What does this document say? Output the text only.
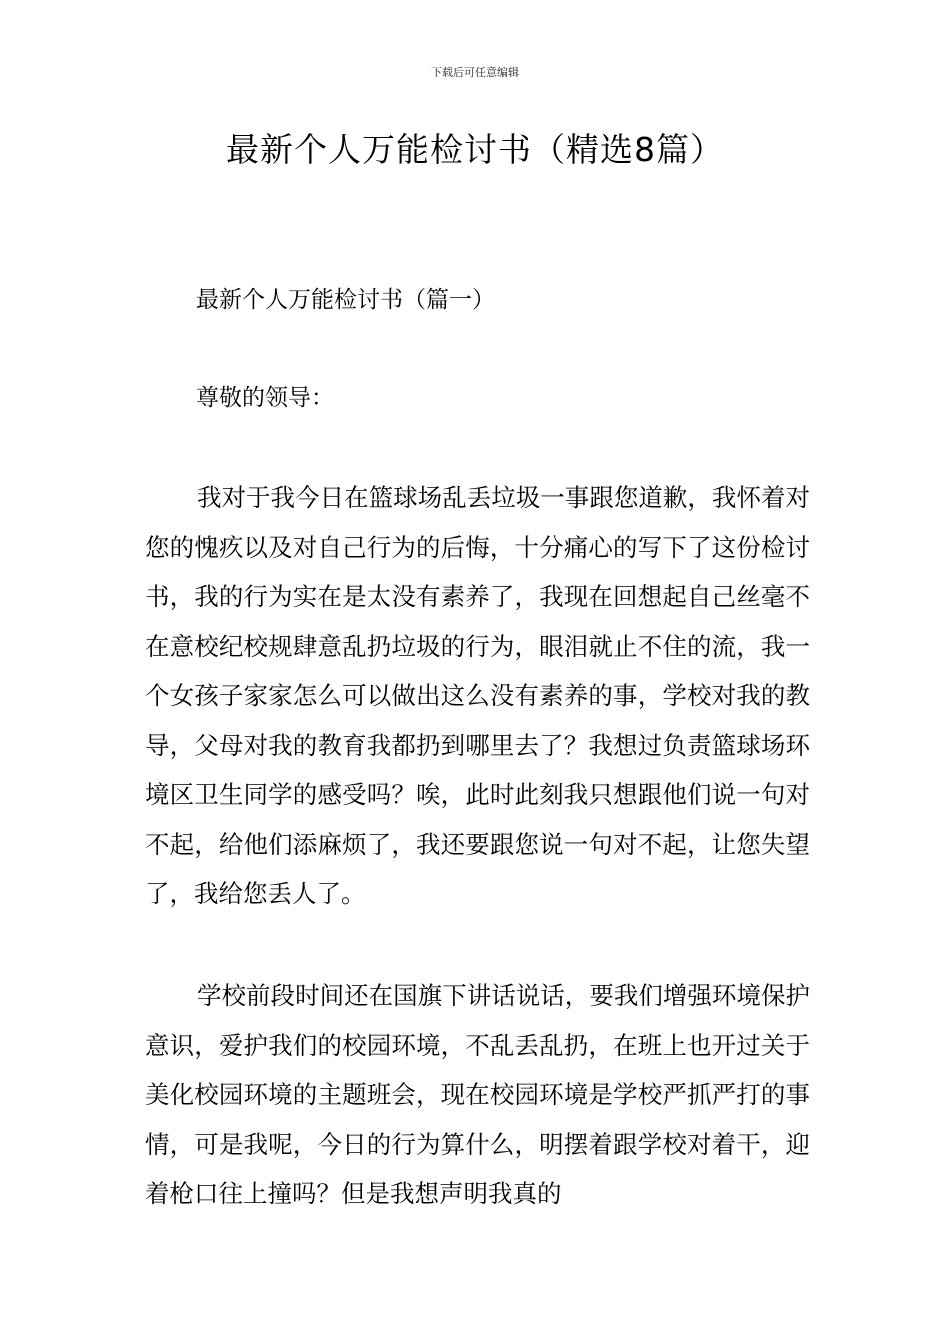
下载后可任意编辑
最新个人万能检讨书（精选8篇）
最新个人万能检讨书（篇一）
尊敬的领导：

我对于我今日在篮球场乱丢垃圾一事跟您道歉，我怀着对您的愧疚以及对自己行为的后悔，十分痛心的写下了这份检讨书，我的行为实在是太没有素养了，我现在回想起自己丝毫不在意校纪校规肆意乱扔垃圾的行为，眼泪就止不住的流，我一个女孩子家家怎么可以做出这么没有素养的事，学校对我的教导，父母对我的教育我都扔到哪里去了？我想过负责篮球场环境区卫生同学的感受吗？唉，此时此刻我只想跟他们说一句对不起，给他们添麻烦了，我还要跟您说一句对不起，让您失望了，我给您丢人了。

学校前段时间还在国旗下讲话说话，要我们增强环境保护意识，爱护我们的校园环境，不乱丢乱扔，在班上也开过关于美化校园环境的主题班会，现在校园环境是学校严抓严打的事情，可是我呢，今日的行为算什么，明摆着跟学校对着干，迎着枪口往上撞吗？但是我想声明我真的
